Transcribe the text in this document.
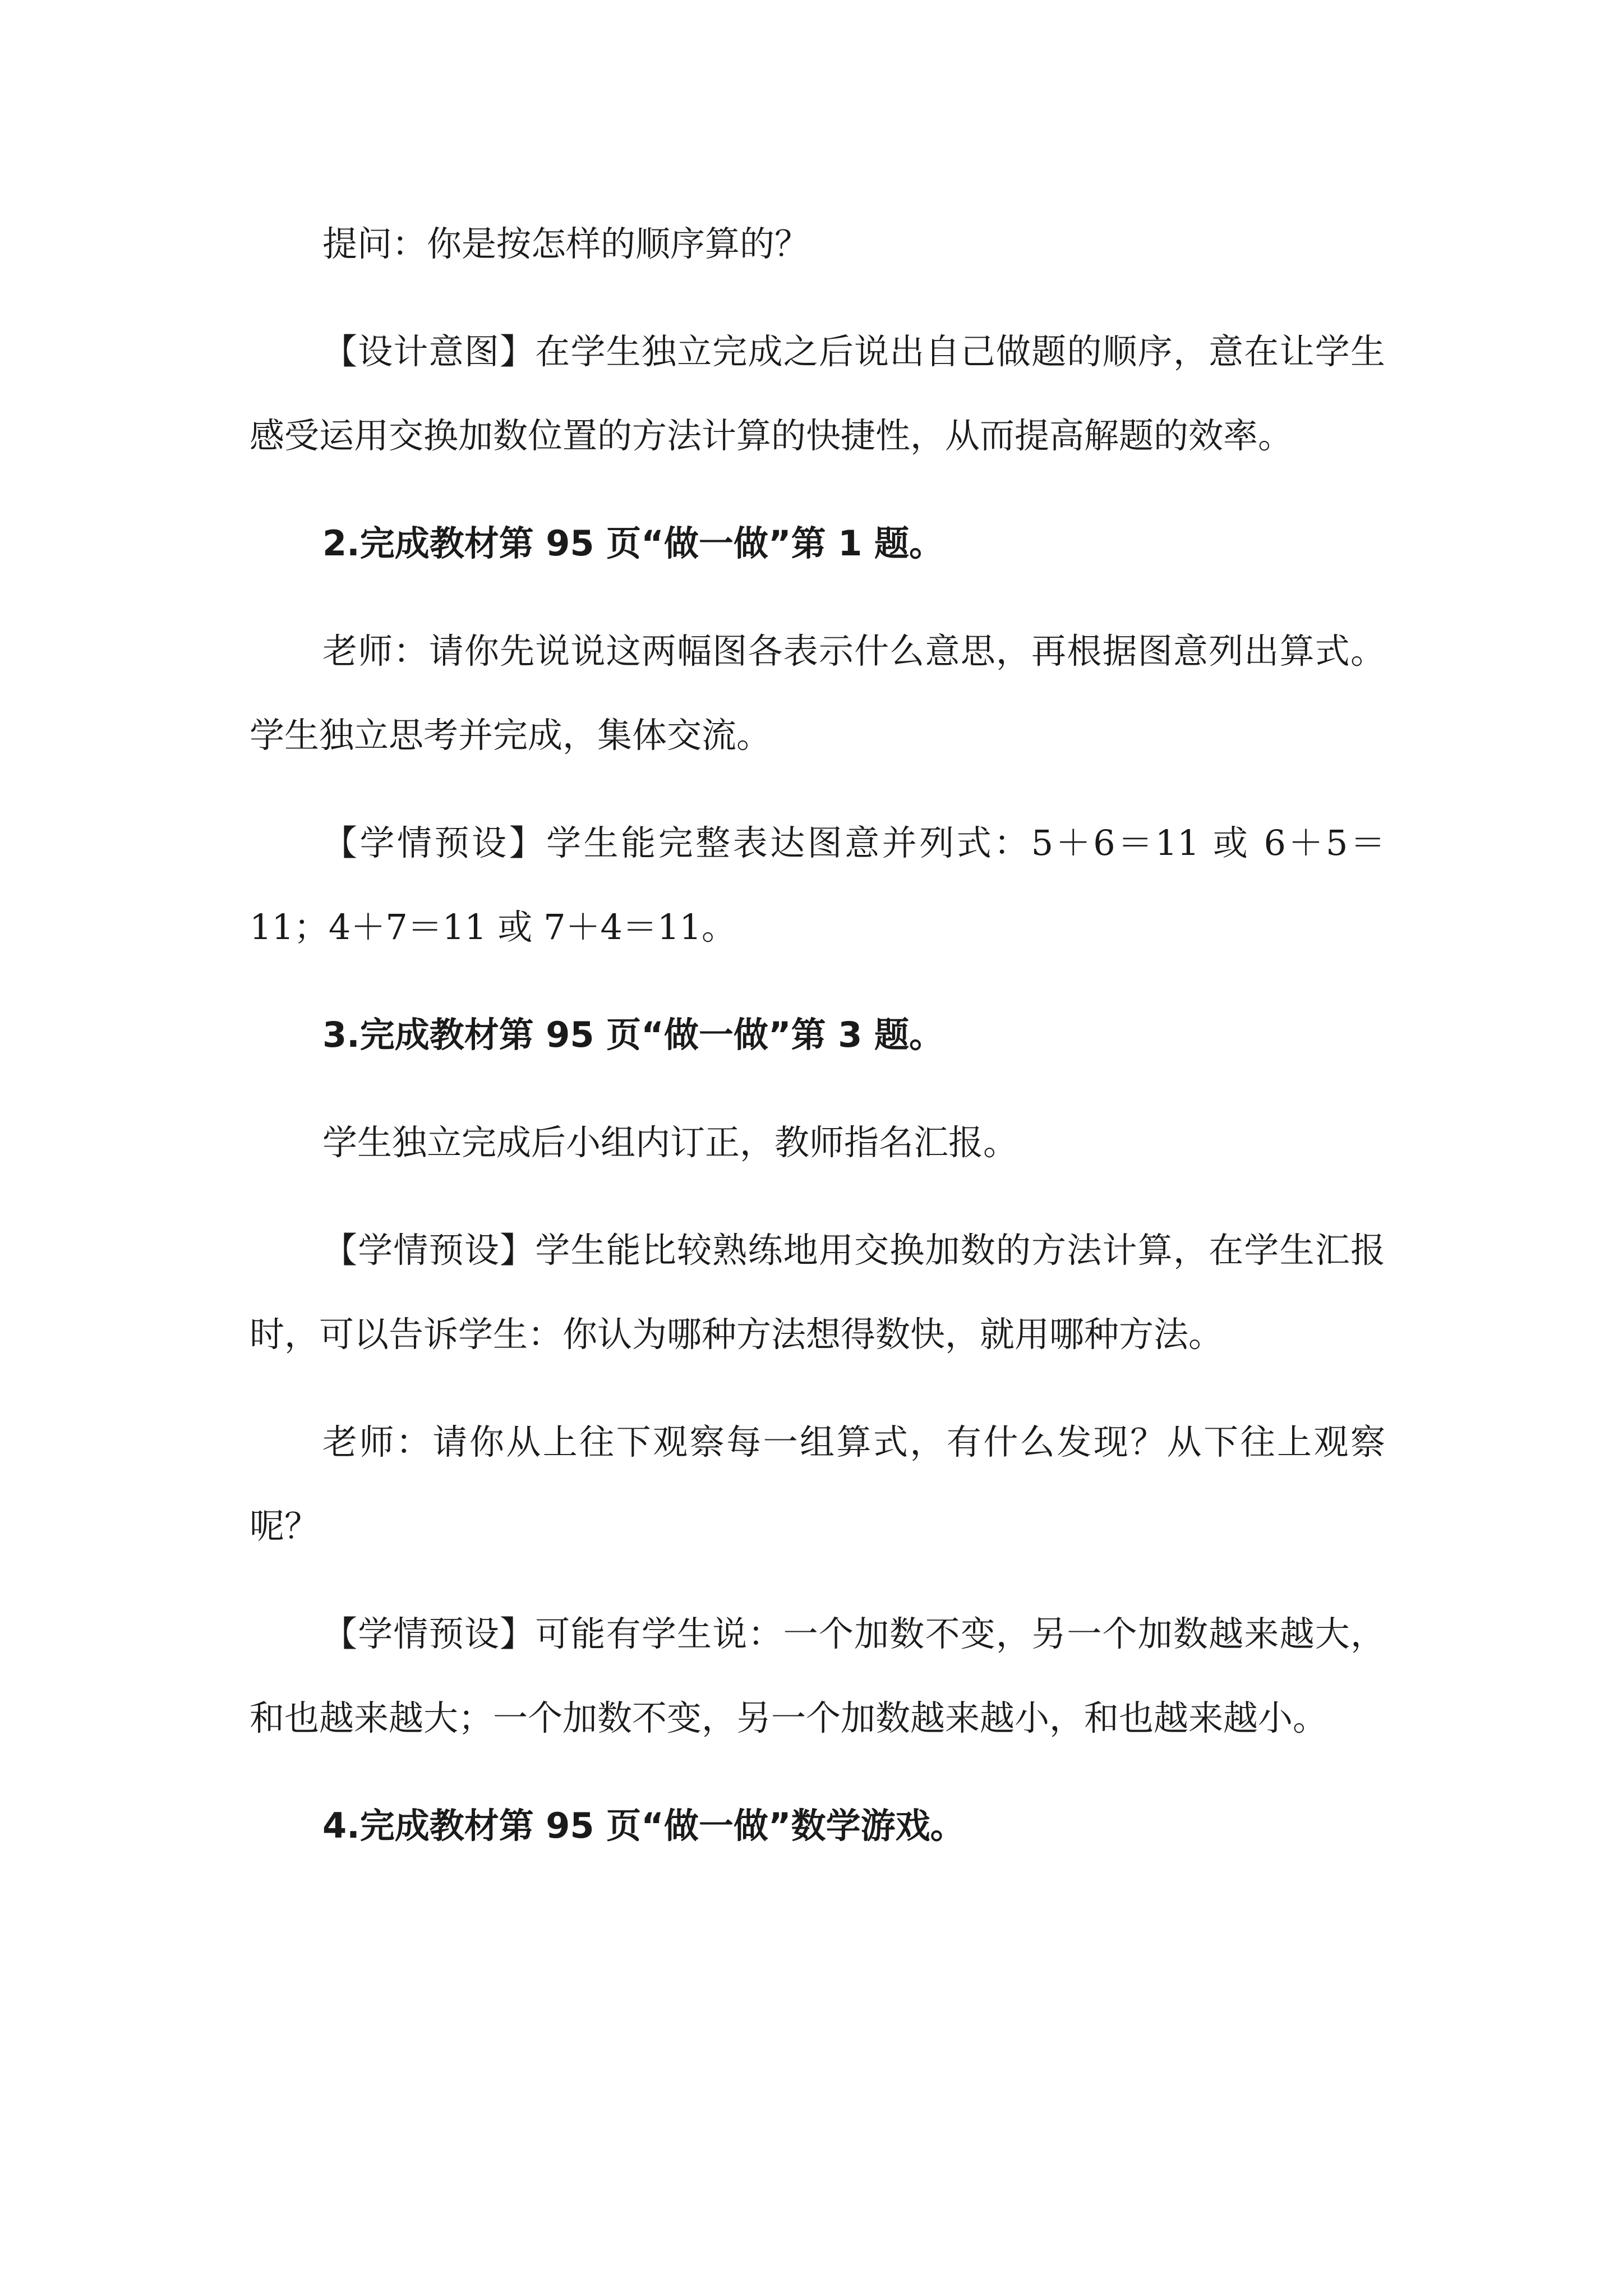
提问：你是按怎样的顺序算的？

【设计意图】在学生独立完成之后说出自己做题的顺序，意在让学生感受运用交换加数位置的方法计算的快捷性，从而提高解题的效率。

2.完成教材第 95 页“做一做”第 1 题。

老师：请你先说说这两幅图各表示什么意思，再根据图意列出算式。学生独立思考并完成，集体交流。

【学情预设】学生能完整表达图意并列式：5＋6＝11 或 6＋5＝11；4＋7＝11 或 7＋4＝11。

3.完成教材第 95 页“做一做”第 3 题。

学生独立完成后小组内订正，教师指名汇报。

【学情预设】学生能比较熟练地用交换加数的方法计算，在学生汇报时，可以告诉学生：你认为哪种方法想得数快，就用哪种方法。

老师：请你从上往下观察每一组算式，有什么发现？从下往上观察呢？

【学情预设】可能有学生说：一个加数不变，另一个加数越来越大，和也越来越大；一个加数不变，另一个加数越来越小，和也越来越小。

4.完成教材第 95 页“做一做”数学游戏。
